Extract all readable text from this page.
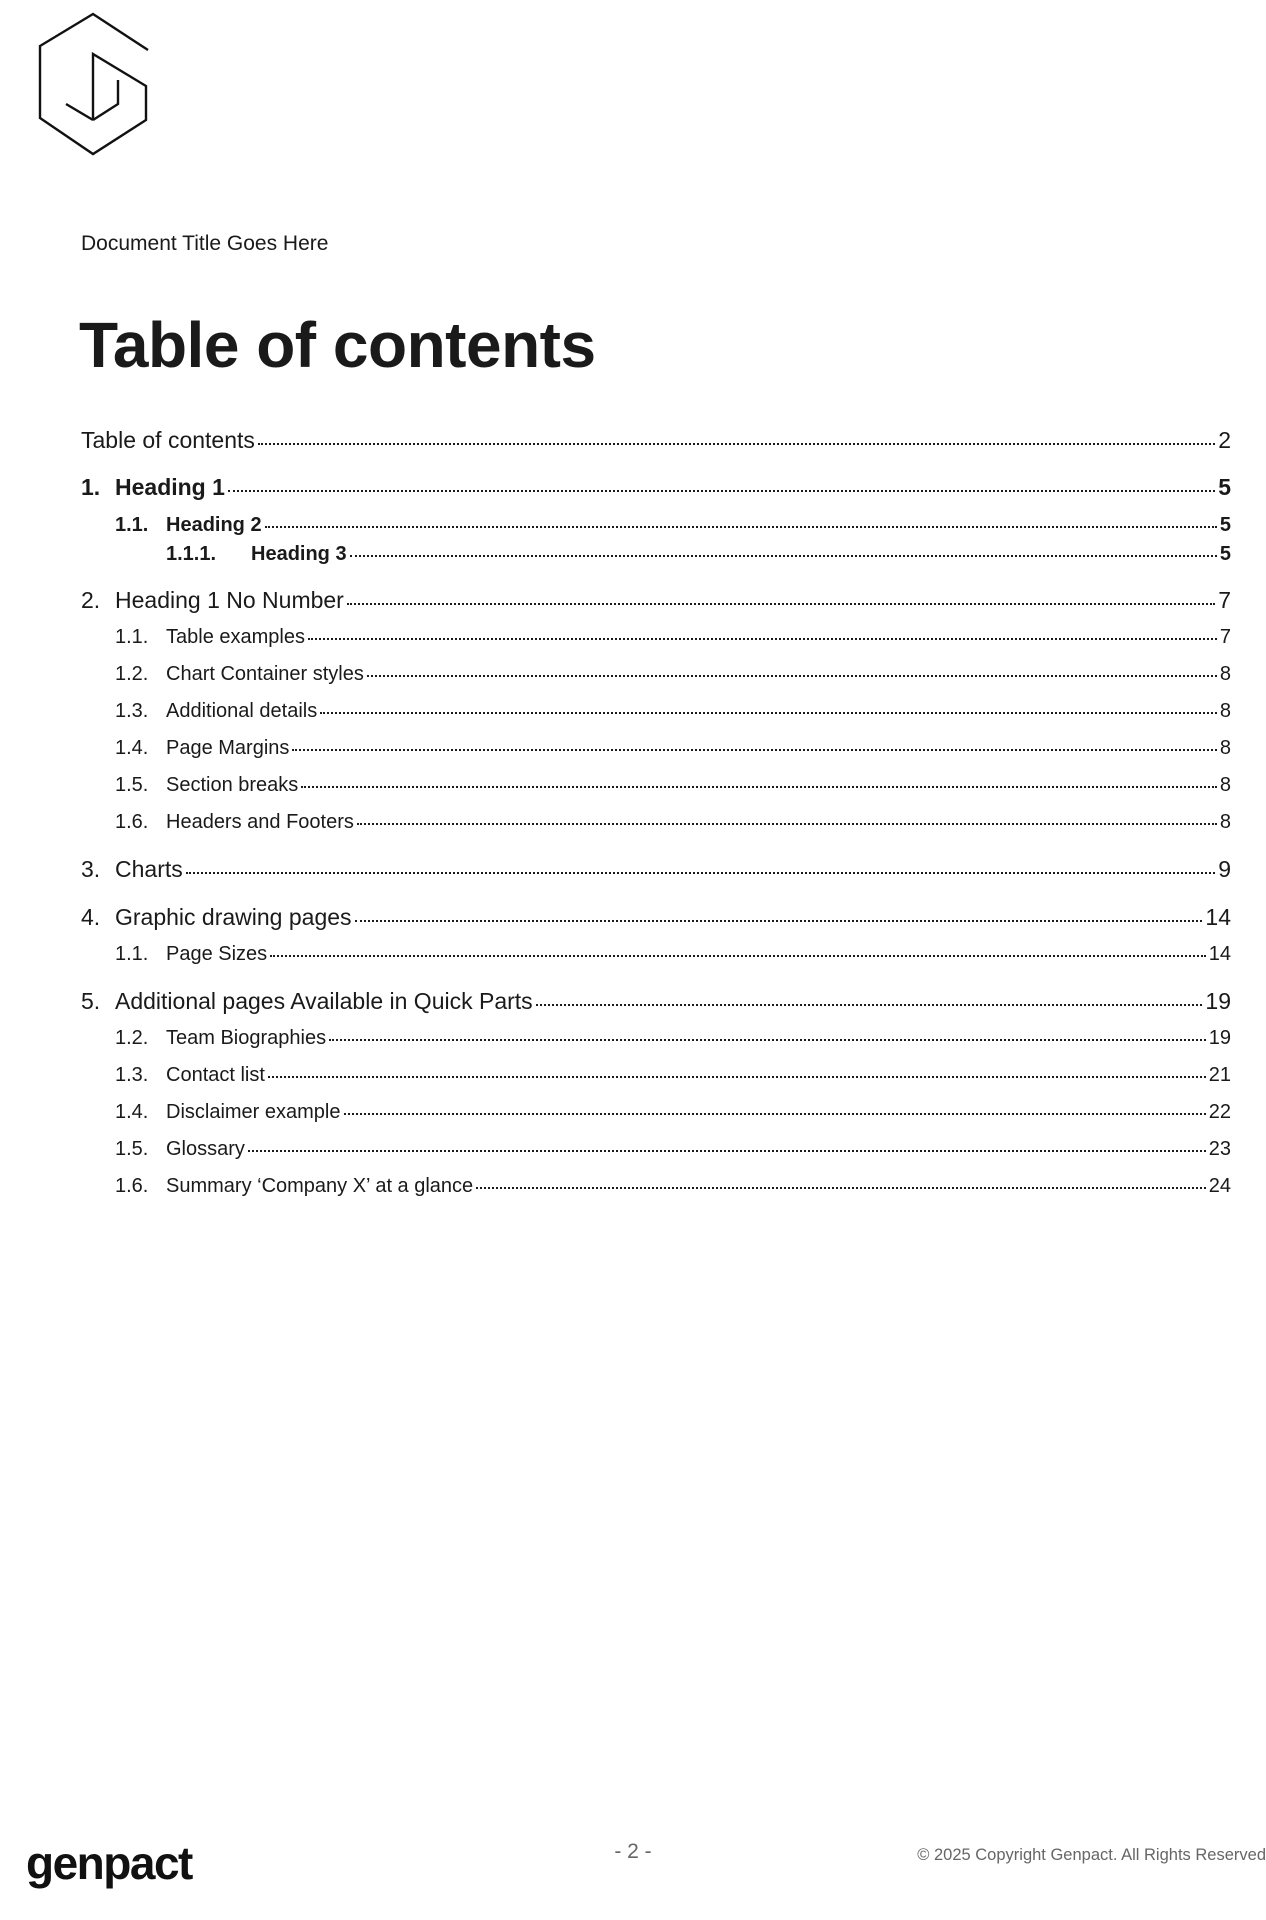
Document Title Goes Here
Table of contents
Table of contents	2
1. Heading 1	5
1.1. Heading 2	5
1.1.1.	Heading 3	5
2. Heading 1 No Number	7
1.1. Table examples	7
1.2. Chart Container styles	8
1.3. Additional details	8
1.4. Page Margins	8
1.5. Section breaks	8
1.6. Headers and Footers	8
3. Charts	9
4. Graphic drawing pages	14
1.1. Page Sizes	14
5. Additional pages Available in Quick Parts	19
1.2. Team Biographies	19
1.3. Contact list	21
1.4. Disclaimer example	22
1.5. Glossary	23
1.6. Summary ‘Company X’ at a glance	24
genpact	- 2 -	© 2025 Copyright Genpact. All Rights Reserved
